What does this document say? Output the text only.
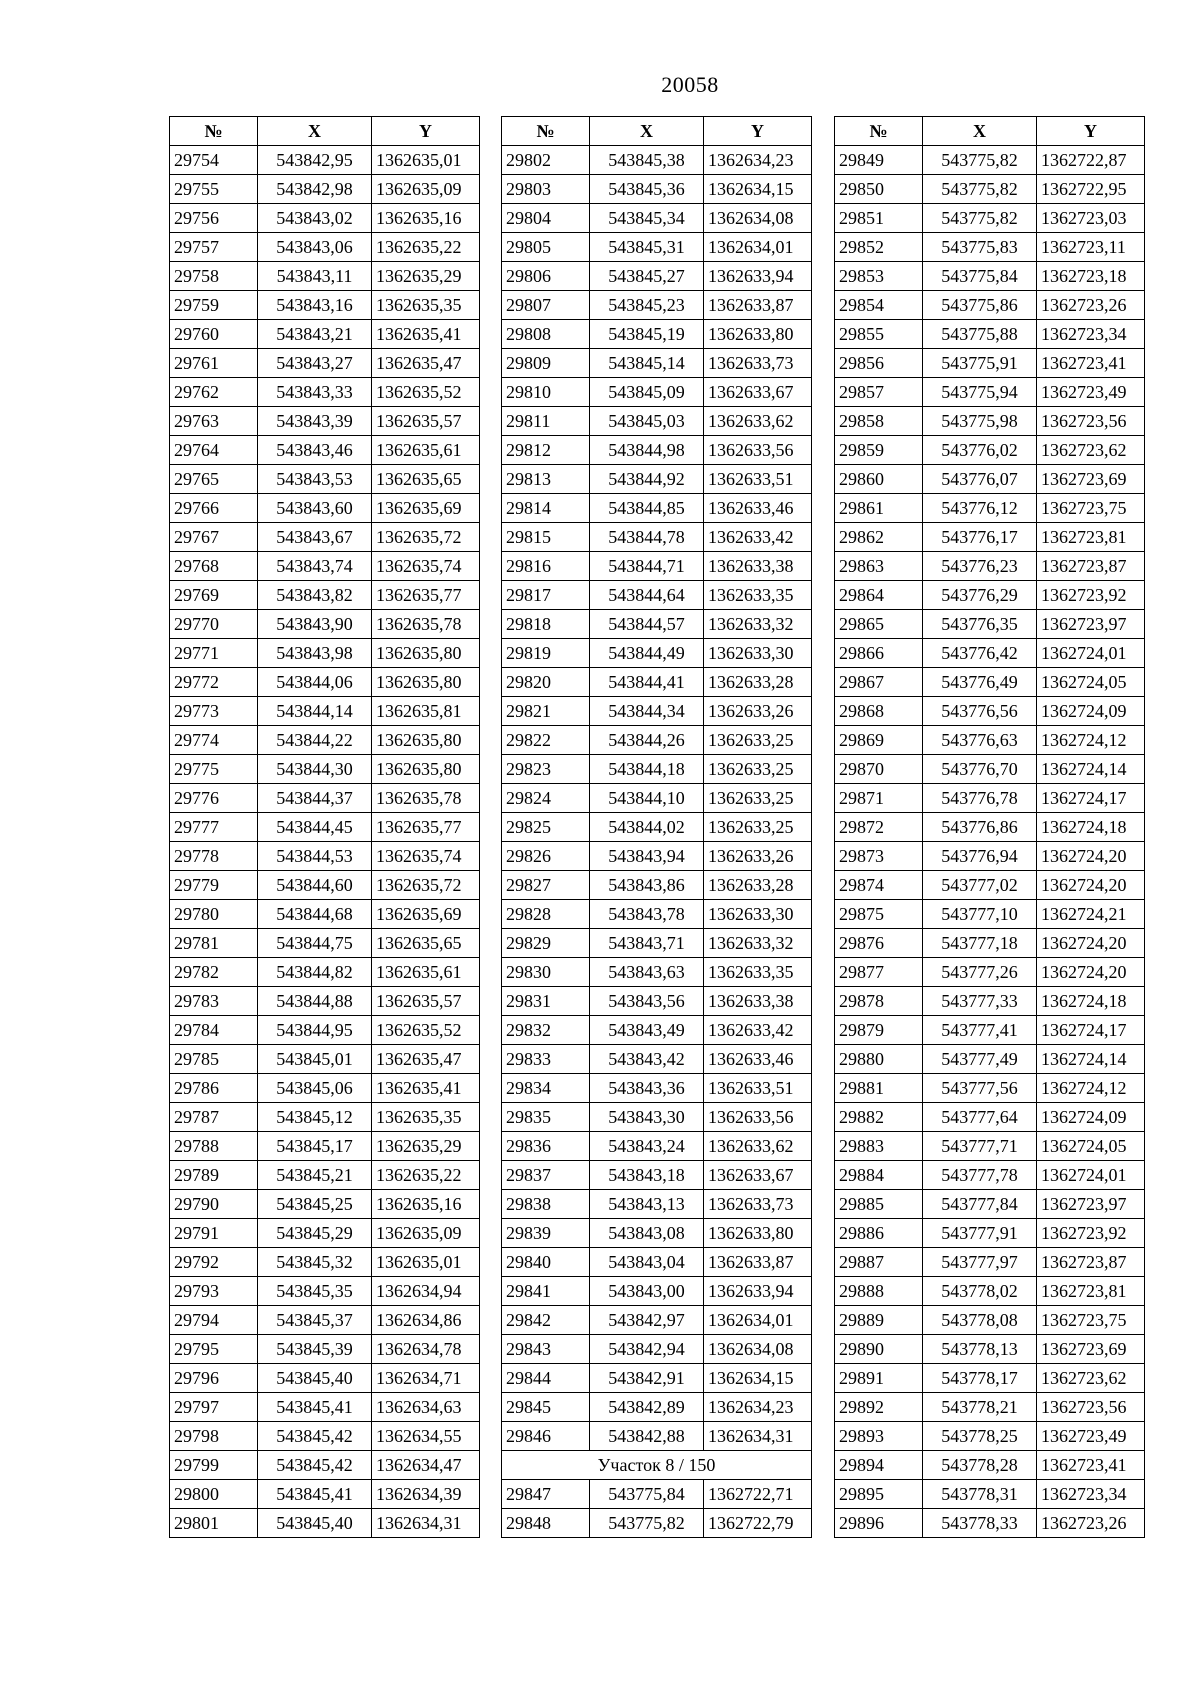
20058
№	X	Y
29754	543842,95	1362635,01
29755	543842,98	1362635,09
29756	543843,02	1362635,16
29757	543843,06	1362635,22
29758	543843,11	1362635,29
29759	543843,16	1362635,35
29760	543843,21	1362635,41
29761	543843,27	1362635,47
29762	543843,33	1362635,52
29763	543843,39	1362635,57
29764	543843,46	1362635,61
29765	543843,53	1362635,65
29766	543843,60	1362635,69
29767	543843,67	1362635,72
29768	543843,74	1362635,74
29769	543843,82	1362635,77
29770	543843,90	1362635,78
29771	543843,98	1362635,80
29772	543844,06	1362635,80
29773	543844,14	1362635,81
29774	543844,22	1362635,80
29775	543844,30	1362635,80
29776	543844,37	1362635,78
29777	543844,45	1362635,77
29778	543844,53	1362635,74
29779	543844,60	1362635,72
29780	543844,68	1362635,69
29781	543844,75	1362635,65
29782	543844,82	1362635,61
29783	543844,88	1362635,57
29784	543844,95	1362635,52
29785	543845,01	1362635,47
29786	543845,06	1362635,41
29787	543845,12	1362635,35
29788	543845,17	1362635,29
29789	543845,21	1362635,22
29790	543845,25	1362635,16
29791	543845,29	1362635,09
29792	543845,32	1362635,01
29793	543845,35	1362634,94
29794	543845,37	1362634,86
29795	543845,39	1362634,78
29796	543845,40	1362634,71
29797	543845,41	1362634,63
29798	543845,42	1362634,55
29799	543845,42	1362634,47
29800	543845,41	1362634,39
29801	543845,40	1362634,31
№	X	Y
29802	543845,38	1362634,23
29803	543845,36	1362634,15
29804	543845,34	1362634,08
29805	543845,31	1362634,01
29806	543845,27	1362633,94
29807	543845,23	1362633,87
29808	543845,19	1362633,80
29809	543845,14	1362633,73
29810	543845,09	1362633,67
29811	543845,03	1362633,62
29812	543844,98	1362633,56
29813	543844,92	1362633,51
29814	543844,85	1362633,46
29815	543844,78	1362633,42
29816	543844,71	1362633,38
29817	543844,64	1362633,35
29818	543844,57	1362633,32
29819	543844,49	1362633,30
29820	543844,41	1362633,28
29821	543844,34	1362633,26
29822	543844,26	1362633,25
29823	543844,18	1362633,25
29824	543844,10	1362633,25
29825	543844,02	1362633,25
29826	543843,94	1362633,26
29827	543843,86	1362633,28
29828	543843,78	1362633,30
29829	543843,71	1362633,32
29830	543843,63	1362633,35
29831	543843,56	1362633,38
29832	543843,49	1362633,42
29833	543843,42	1362633,46
29834	543843,36	1362633,51
29835	543843,30	1362633,56
29836	543843,24	1362633,62
29837	543843,18	1362633,67
29838	543843,13	1362633,73
29839	543843,08	1362633,80
29840	543843,04	1362633,87
29841	543843,00	1362633,94
29842	543842,97	1362634,01
29843	543842,94	1362634,08
29844	543842,91	1362634,15
29845	543842,89	1362634,23
29846	543842,88	1362634,31
Участок 8 / 150		
29847	543775,84	1362722,71
29848	543775,82	1362722,79
№	X	Y
29849	543775,82	1362722,87
29850	543775,82	1362722,95
29851	543775,82	1362723,03
29852	543775,83	1362723,11
29853	543775,84	1362723,18
29854	543775,86	1362723,26
29855	543775,88	1362723,34
29856	543775,91	1362723,41
29857	543775,94	1362723,49
29858	543775,98	1362723,56
29859	543776,02	1362723,62
29860	543776,07	1362723,69
29861	543776,12	1362723,75
29862	543776,17	1362723,81
29863	543776,23	1362723,87
29864	543776,29	1362723,92
29865	543776,35	1362723,97
29866	543776,42	1362724,01
29867	543776,49	1362724,05
29868	543776,56	1362724,09
29869	543776,63	1362724,12
29870	543776,70	1362724,14
29871	543776,78	1362724,17
29872	543776,86	1362724,18
29873	543776,94	1362724,20
29874	543777,02	1362724,20
29875	543777,10	1362724,21
29876	543777,18	1362724,20
29877	543777,26	1362724,20
29878	543777,33	1362724,18
29879	543777,41	1362724,17
29880	543777,49	1362724,14
29881	543777,56	1362724,12
29882	543777,64	1362724,09
29883	543777,71	1362724,05
29884	543777,78	1362724,01
29885	543777,84	1362723,97
29886	543777,91	1362723,92
29887	543777,97	1362723,87
29888	543778,02	1362723,81
29889	543778,08	1362723,75
29890	543778,13	1362723,69
29891	543778,17	1362723,62
29892	543778,21	1362723,56
29893	543778,25	1362723,49
29894	543778,28	1362723,41
29895	543778,31	1362723,34
29896	543778,33	1362723,26
